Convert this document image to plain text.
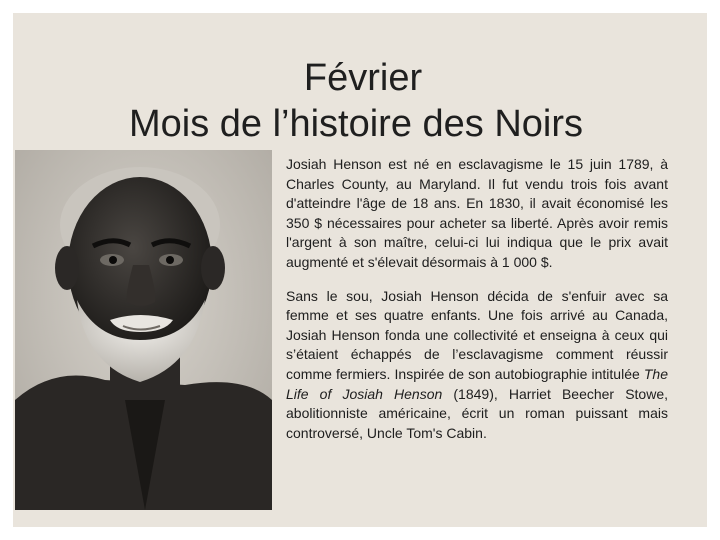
Février
Mois de l’histoire des Noirs

Josiah Henson est né en esclavagisme le 15 juin 1789, à Charles County, au Maryland. Il fut vendu trois fois avant d'atteindre l'âge de 18 ans. En 1830, il avait économisé les 350 $ nécessaires pour acheter sa liberté. Après avoir remis l'argent à son maître, celui-ci lui indiqua que le prix avait augmenté et s'élevait désormais à 1 000 $.

Sans le sou, Josiah Henson décida de s'enfuir avec sa femme et ses quatre enfants. Une fois arrivé au Canada, Josiah Henson fonda une collectivité et enseigna à ceux qui s’étaient échappés de l’esclavagisme comment réussir comme fermiers. Inspirée de son autobiographie intitulée The Life of Josiah Henson (1849), Harriet Beecher Stowe, abolitionniste américaine, écrit un roman puissant mais controversé, Uncle Tom's Cabin.
